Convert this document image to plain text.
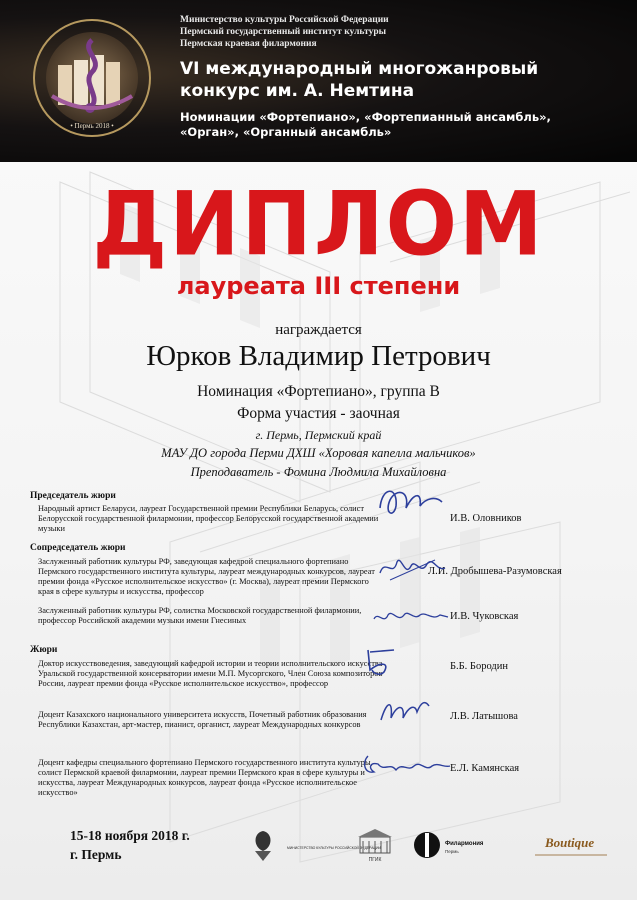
• Пермь 2018 •
Министерство культуры Российской Федерации
Пермский государственный институт культуры
Пермская краевая филармония
VI международный многожанровый
конкурс им. А. Немтина
Номинации «Фортепиано», «Фортепианный ансамбль»,
«Орган», «Органный ансамбль»
ДИПЛОМ
лауреата III степени
награждается
Юрков Владимир Петрович
Номинация «Фортепиано», группа В
Форма участия - заочная
г. Пермь, Пермский край
МАУ ДО города Перми ДХШ «Хоровая капелла мальчиков»
Преподаватель - Фомина Людмила Михайловна
Председатель жюри
Народный артист Беларуси, лауреат Государственной премии Республики Беларусь, солист Белорусской государственной филармонии, профессор Белорусской государственной академии музыки
И.В. Оловников
Сопредседатель жюри
Заслуженный работник культуры РФ, заведующая кафедрой специального фортепиано Пермского государственного института культуры, лауреат международных конкурсов, лауреат премии фонда «Русское исполнительское искусство» (г. Москва), лауреат премии Пермского края в сфере культуры и искусства, профессор
Л.И. Дробышева-Разумовская
Заслуженный работник культуры РФ, солистка Московской государственной филармонии, профессор Российской академии музыки имени Гнесиных	И.В. Чуковская
Жюри
Доктор искусствоведения, заведующий кафедрой истории и теории исполнительского искусства Уральской государственной консерватории имени М.П. Мусоргского, Член Союза композиторов России, лауреат премии фонда «Русское исполнительское искусство», профессор
Б.Б. Бородин
Доцент Казахского национального университета искусств, Почетный работник образования Республики Казахстан, арт-мастер, пианист, органист, лауреат Международных конкурсов
Л.В. Латышова
Доцент кафедры специального фортепиано Пермского государственного института культуры, солист Пермской краевой филармонии, лауреат премии Пермского края в сфере культуры и искусства, лауреат Международных конкурсов, лауреат фонда «Русское исполнительское искусство»
Е.Л. Камянская
15-18 ноября 2018 г.
г. Пермь	МИНИСТЕРСТВО КУЛЬТУРЫ РОССИЙСКОЙ ФЕДЕРАЦИИ
ПГИК
Филармония
Пермь
Boutique
